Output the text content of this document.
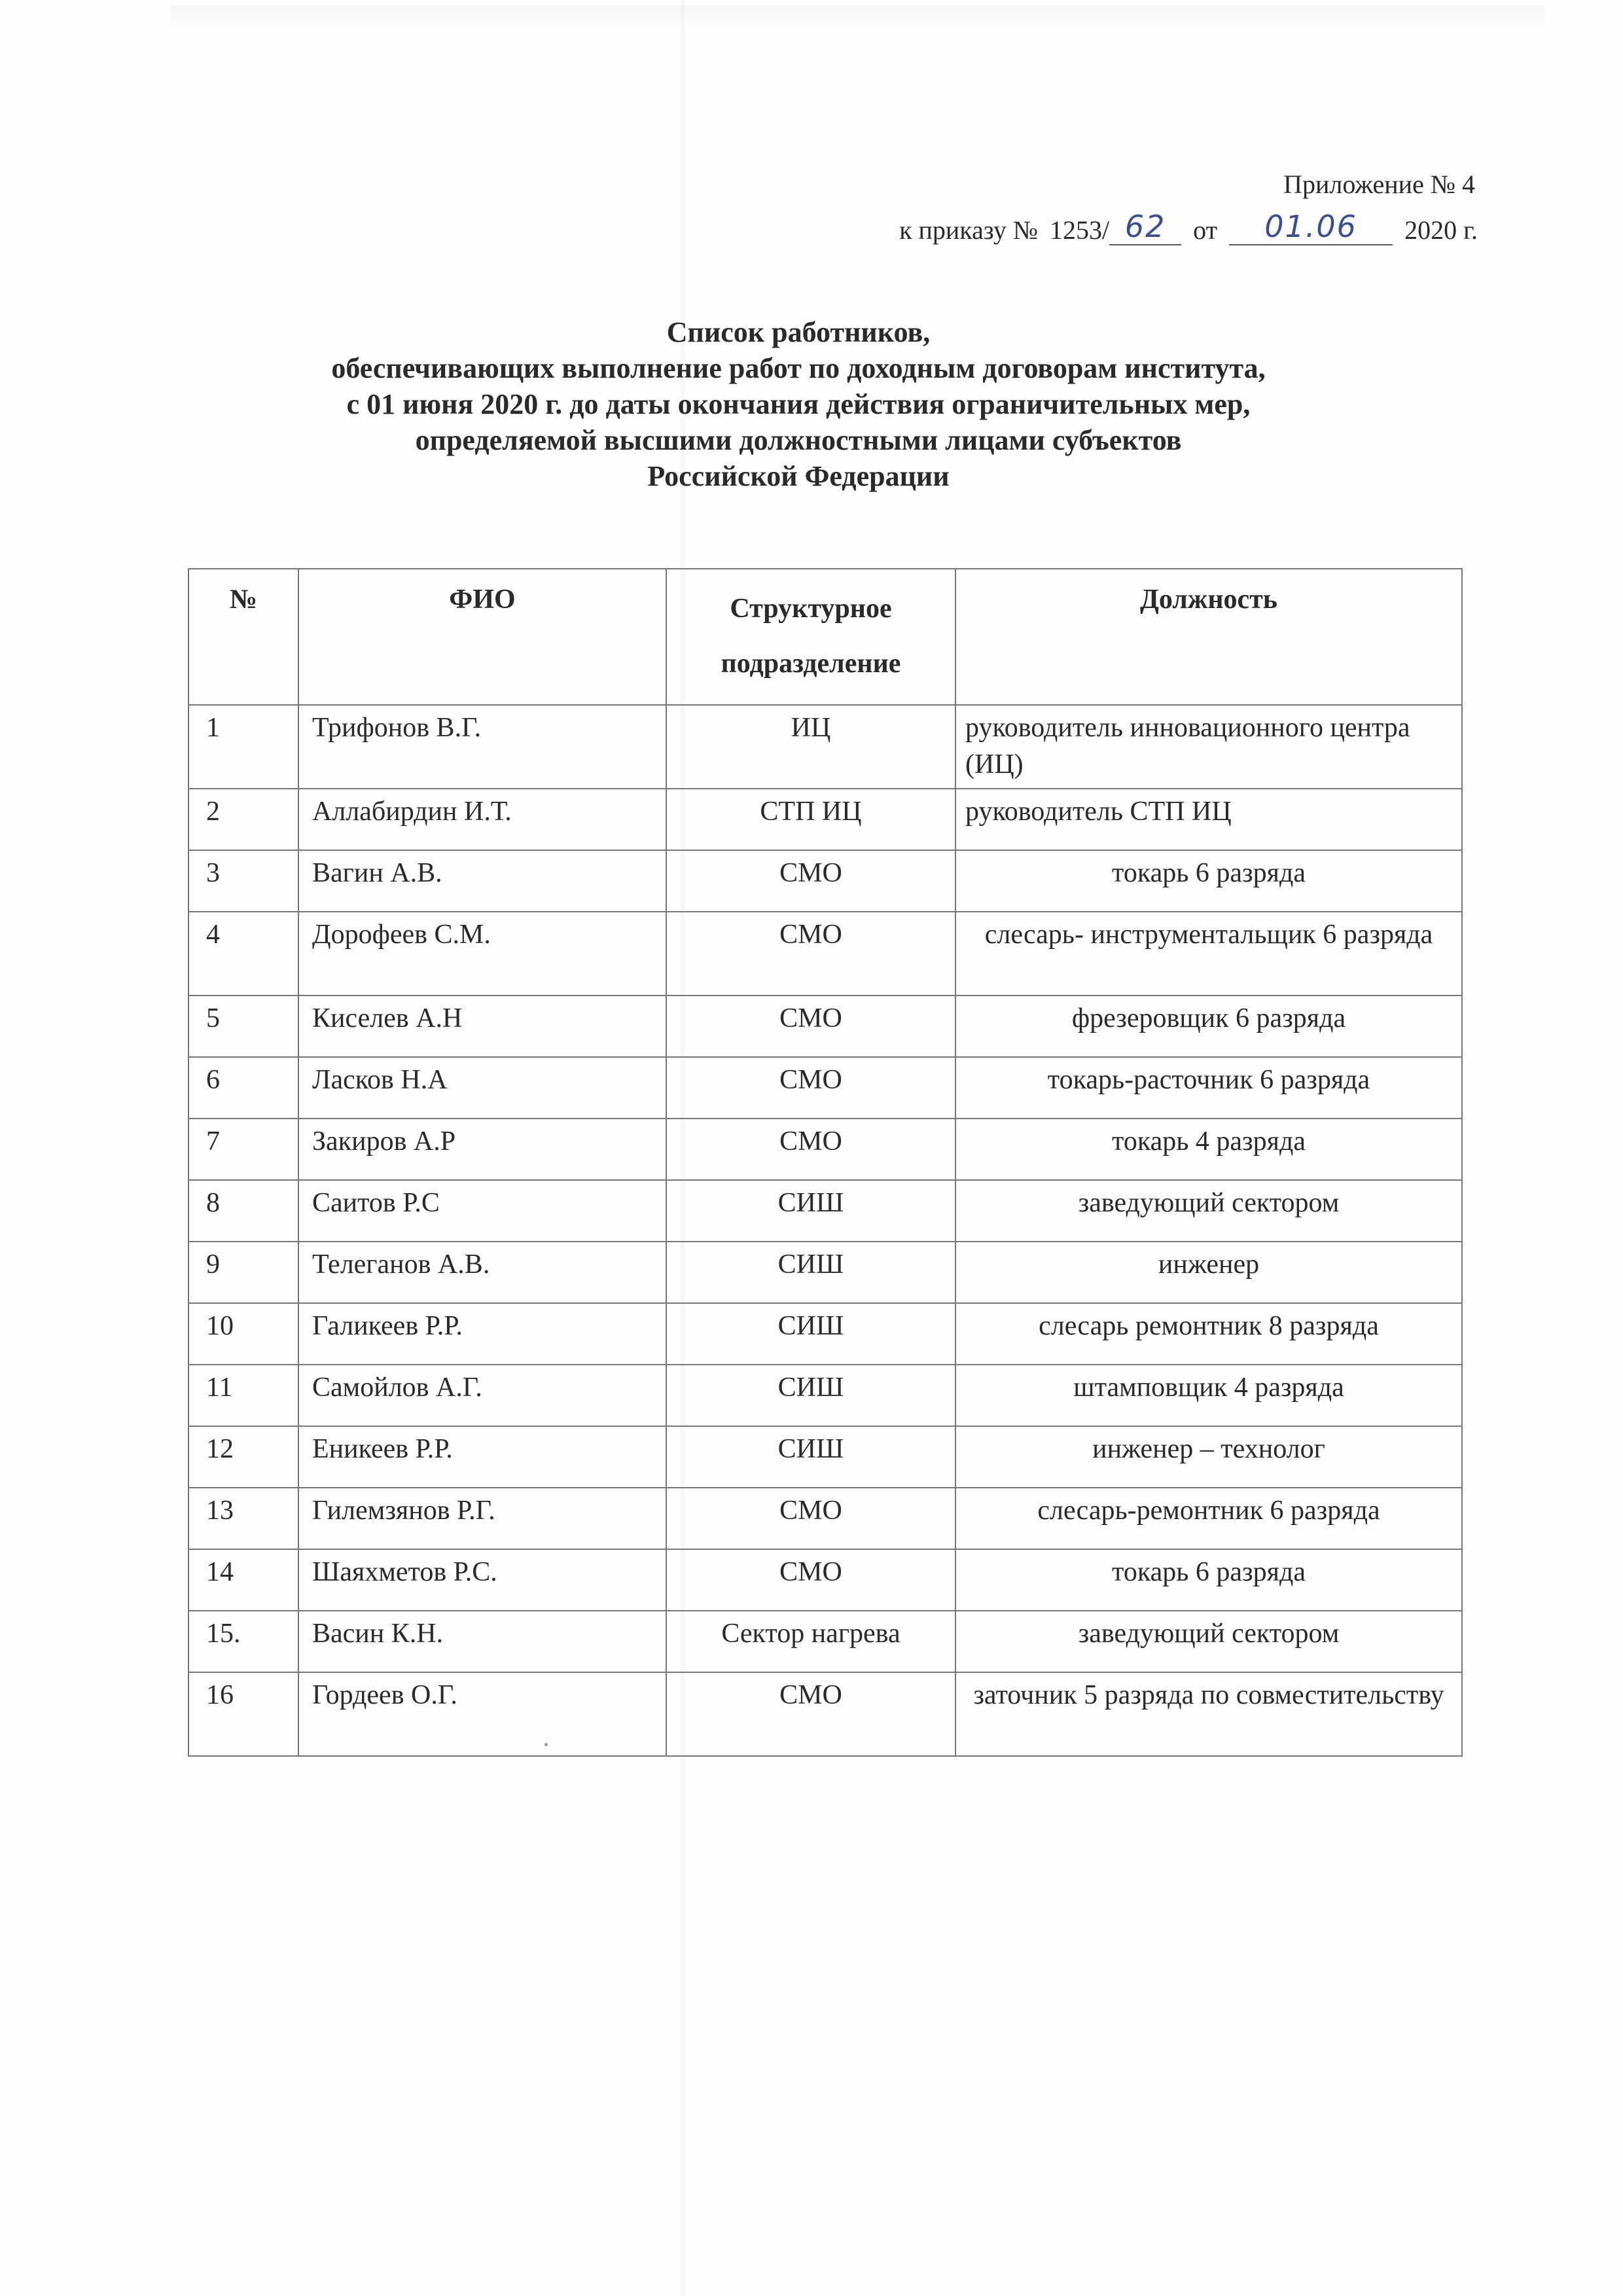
Приложение № 4
к приказу № 1253/ 62	от	01.06	2020 г.
Список работников,
обеспечивающих выполнение работ по доходным договорам института,
с 01 июня 2020 г. до даты окончания действия ограничительных мер,
определяемой высшими должностными лицами субъектов
Российской Федерации
№	ФИО	Структурное подразделение	Должность
1	Трифонов В.Г.	ИЦ	руководитель инновационного центра (ИЦ)
2	Аллабирдин И.Т.	СТП ИЦ	руководитель СТП ИЦ
3	Вагин А.В.	СМО	токарь 6 разряда
4	Дорофеев С.М.	СМО	слесарь- инструментальщик 6 разряда
5	Киселев А.Н	СМО	фрезеровщик 6 разряда
6	Ласков Н.А	СМО	токарь-расточник 6 разряда
7	Закиров А.Р	СМО	токарь 4 разряда
8	Саитов Р.С	СИШ	заведующий сектором
9	Телеганов А.В.	СИШ	инженер
10	Галикеев Р.Р.	СИШ	слесарь ремонтник 8 разряда
11	Самойлов А.Г.	СИШ	штамповщик 4 разряда
12	Еникеев Р.Р.	СИШ	инженер – технолог
13	Гилемзянов Р.Г.	СМО	слесарь-ремонтник 6 разряда
14	Шаяхметов Р.С.	СМО	токарь 6 разряда
15.	Васин К.Н.	Сектор нагрева	заведующий сектором
16	Гордеев О.Г.	СМО	заточник 5 разряда по совместительству
